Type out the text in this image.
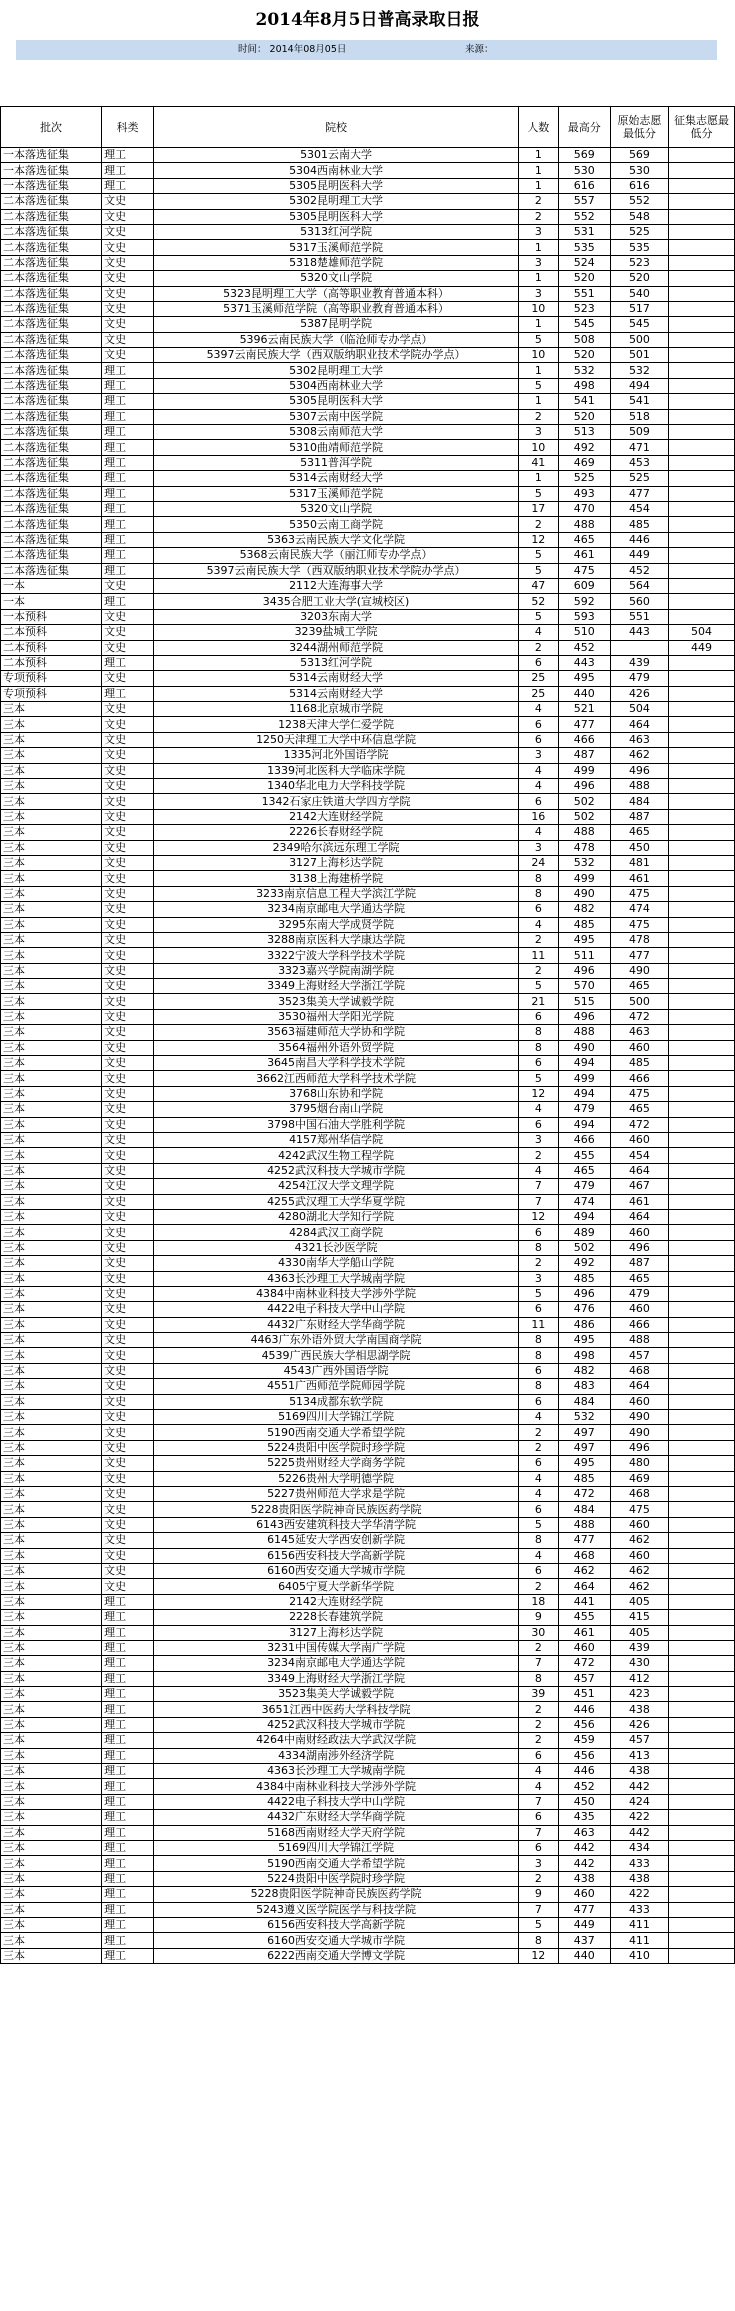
2014年8月5日普高录取日报
时间： 2014年08月05日	来源：
批次	科类	院校	人数	最高分	原始志愿最低分	征集志愿最低分
一本落选征集	理工	5301云南大学	1	569	569	
一本落选征集	理工	5304西南林业大学	1	530	530	
一本落选征集	理工	5305昆明医科大学	1	616	616	
二本落选征集	文史	5302昆明理工大学	2	557	552	
二本落选征集	文史	5305昆明医科大学	2	552	548	
二本落选征集	文史	5313红河学院	3	531	525	
二本落选征集	文史	5317玉溪师范学院	1	535	535	
二本落选征集	文史	5318楚雄师范学院	3	524	523	
二本落选征集	文史	5320文山学院	1	520	520	
二本落选征集	文史	5323昆明理工大学（高等职业教育普通本科）	3	551	540	
二本落选征集	文史	5371玉溪师范学院（高等职业教育普通本科）	10	523	517	
二本落选征集	文史	5387昆明学院	1	545	545	
二本落选征集	文史	5396云南民族大学（临沧师专办学点）	5	508	500	
二本落选征集	文史	5397云南民族大学（西双版纳职业技术学院办学点）	10	520	501	
二本落选征集	理工	5302昆明理工大学	1	532	532	
二本落选征集	理工	5304西南林业大学	5	498	494	
二本落选征集	理工	5305昆明医科大学	1	541	541	
二本落选征集	理工	5307云南中医学院	2	520	518	
二本落选征集	理工	5308云南师范大学	3	513	509	
二本落选征集	理工	5310曲靖师范学院	10	492	471	
二本落选征集	理工	5311普洱学院	41	469	453	
二本落选征集	理工	5314云南财经大学	1	525	525	
二本落选征集	理工	5317玉溪师范学院	5	493	477	
二本落选征集	理工	5320文山学院	17	470	454	
二本落选征集	理工	5350云南工商学院	2	488	485	
二本落选征集	理工	5363云南民族大学文化学院	12	465	446	
二本落选征集	理工	5368云南民族大学（丽江师专办学点）	5	461	449	
二本落选征集	理工	5397云南民族大学（西双版纳职业技术学院办学点）	5	475	452	
一本	文史	2112大连海事大学	47	609	564	
一本	理工	3435合肥工业大学(宣城校区)	52	592	560	
一本预科	文史	3203东南大学	5	593	551	
二本预科	文史	3239盐城工学院	4	510	443	504
二本预科	文史	3244湖州师范学院	2	452		449
二本预科	理工	5313红河学院	6	443	439	
专项预科	文史	5314云南财经大学	25	495	479	
专项预科	理工	5314云南财经大学	25	440	426	
三本	文史	1168北京城市学院	4	521	504	
三本	文史	1238天津大学仁爱学院	6	477	464	
三本	文史	1250天津理工大学中环信息学院	6	466	463	
三本	文史	1335河北外国语学院	3	487	462	
三本	文史	1339河北医科大学临床学院	4	499	496	
三本	文史	1340华北电力大学科技学院	4	496	488	
三本	文史	1342石家庄铁道大学四方学院	6	502	484	
三本	文史	2142大连财经学院	16	502	487	
三本	文史	2226长春财经学院	4	488	465	
三本	文史	2349哈尔滨远东理工学院	3	478	450	
三本	文史	3127上海杉达学院	24	532	481	
三本	文史	3138上海建桥学院	8	499	461	
三本	文史	3233南京信息工程大学滨江学院	8	490	475	
三本	文史	3234南京邮电大学通达学院	6	482	474	
三本	文史	3295东南大学成贤学院	4	485	475	
三本	文史	3288南京医科大学康达学院	2	495	478	
三本	文史	3322宁波大学科学技术学院	11	511	477	
三本	文史	3323嘉兴学院南湖学院	2	496	490	
三本	文史	3349上海财经大学浙江学院	5	570	465	
三本	文史	3523集美大学诚毅学院	21	515	500	
三本	文史	3530福州大学阳光学院	6	496	472	
三本	文史	3563福建师范大学协和学院	8	488	463	
三本	文史	3564福州外语外贸学院	8	490	460	
三本	文史	3645南昌大学科学技术学院	6	494	485	
三本	文史	3662江西师范大学科学技术学院	5	499	466	
三本	文史	3768山东协和学院	12	494	475	
三本	文史	3795烟台南山学院	4	479	465	
三本	文史	3798中国石油大学胜利学院	6	494	472	
三本	文史	4157郑州华信学院	3	466	460	
三本	文史	4242武汉生物工程学院	2	455	454	
三本	文史	4252武汉科技大学城市学院	4	465	464	
三本	文史	4254江汉大学文理学院	7	479	467	
三本	文史	4255武汉理工大学华夏学院	7	474	461	
三本	文史	4280湖北大学知行学院	12	494	464	
三本	文史	4284武汉工商学院	6	489	460	
三本	文史	4321长沙医学院	8	502	496	
三本	文史	4330南华大学船山学院	2	492	487	
三本	文史	4363长沙理工大学城南学院	3	485	465	
三本	文史	4384中南林业科技大学涉外学院	5	496	479	
三本	文史	4422电子科技大学中山学院	6	476	460	
三本	文史	4432广东财经大学华商学院	11	486	466	
三本	文史	4463广东外语外贸大学南国商学院	8	495	488	
三本	文史	4539广西民族大学相思湖学院	8	498	457	
三本	文史	4543广西外国语学院	6	482	468	
三本	文史	4551广西师范学院师园学院	8	483	464	
三本	文史	5134成都东软学院	6	484	460	
三本	文史	5169四川大学锦江学院	4	532	490	
三本	文史	5190西南交通大学希望学院	2	497	490	
三本	文史	5224贵阳中医学院时珍学院	2	497	496	
三本	文史	5225贵州财经大学商务学院	6	495	480	
三本	文史	5226贵州大学明德学院	4	485	469	
三本	文史	5227贵州师范大学求是学院	4	472	468	
三本	文史	5228贵阳医学院神奇民族医药学院	6	484	475	
三本	文史	6143西安建筑科技大学华清学院	5	488	460	
三本	文史	6145延安大学西安创新学院	8	477	462	
三本	文史	6156西安科技大学高新学院	4	468	460	
三本	文史	6160西安交通大学城市学院	6	462	462	
三本	文史	6405宁夏大学新华学院	2	464	462	
三本	理工	2142大连财经学院	18	441	405	
三本	理工	2228长春建筑学院	9	455	415	
三本	理工	3127上海杉达学院	30	461	405	
三本	理工	3231中国传媒大学南广学院	2	460	439	
三本	理工	3234南京邮电大学通达学院	7	472	430	
三本	理工	3349上海财经大学浙江学院	8	457	412	
三本	理工	3523集美大学诚毅学院	39	451	423	
三本	理工	3651江西中医药大学科技学院	2	446	438	
三本	理工	4252武汉科技大学城市学院	2	456	426	
三本	理工	4264中南财经政法大学武汉学院	2	459	457	
三本	理工	4334湖南涉外经济学院	6	456	413	
三本	理工	4363长沙理工大学城南学院	4	446	438	
三本	理工	4384中南林业科技大学涉外学院	4	452	442	
三本	理工	4422电子科技大学中山学院	7	450	424	
三本	理工	4432广东财经大学华商学院	6	435	422	
三本	理工	5168西南财经大学天府学院	7	463	442	
三本	理工	5169四川大学锦江学院	6	442	434	
三本	理工	5190西南交通大学希望学院	3	442	433	
三本	理工	5224贵阳中医学院时珍学院	2	438	438	
三本	理工	5228贵阳医学院神奇民族医药学院	9	460	422	
三本	理工	5243遵义医学院医学与科技学院	7	477	433	
三本	理工	6156西安科技大学高新学院	5	449	411	
三本	理工	6160西安交通大学城市学院	8	437	411	
三本	理工	6222西南交通大学博文学院	12	440	410	
